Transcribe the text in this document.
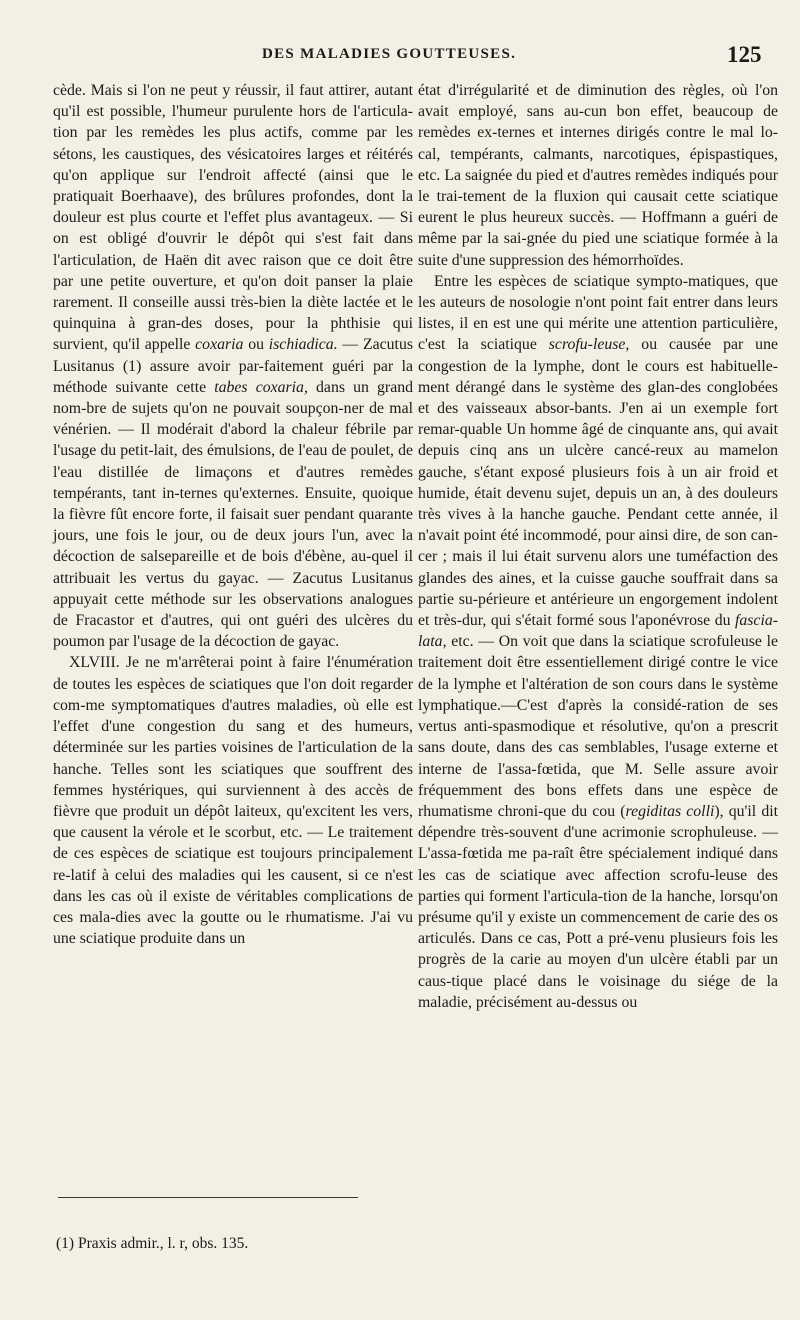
DES MALADIES GOUTTEUSES.	125

cède. Mais si l'on ne peut y réussir, il faut attirer, autant qu'il est possible, l'humeur purulente hors de l'articula-tion par les remèdes les plus actifs, comme par les sétons, les caustiques, des vésicatoires larges et réitérés qu'on applique sur l'endroit affecté (ainsi que le pratiquait Boerhaave), des brûlures profondes, dont la douleur est plus courte et l'effet plus avantageux. — Si on est obligé d'ouvrir le dépôt qui s'est fait dans l'articulation, de Haën dit avec raison que ce doit être par une petite ouverture, et qu'on doit panser la plaie rarement. Il conseille aussi très-bien la diète lactée et le quinquina à gran-des doses, pour la phthisie qui survient, qu'il appelle coxaria ou ischiadica. — Zacutus Lusitanus (1) assure avoir par-faitement guéri par la méthode suivante cette tabes coxaria, dans un grand nom-bre de sujets qu'on ne pouvait soupçon-ner de mal vénérien. — Il modérait d'abord la chaleur fébrile par l'usage du petit-lait, des émulsions, de l'eau de poulet, de l'eau distillée de limaçons et d'autres remèdes tempérants, tant in-ternes qu'externes. Ensuite, quoique la fièvre fût encore forte, il faisait suer pendant quarante jours, une fois le jour, ou de deux jours l'un, avec la décoction de salsepareille et de bois d'ébène, au-quel il attribuait les vertus du gayac. — Zacutus Lusitanus appuyait cette méthode sur les observations analogues de Fracastor et d'autres, qui ont guéri des ulcères du poumon par l'usage de la décoction de gayac.

XLVIII. Je ne m'arrêterai point à faire l'énumération de toutes les espèces de sciatiques que l'on doit regarder com-me symptomatiques d'autres maladies, où elle est l'effet d'une congestion du sang et des humeurs, déterminée sur les parties voisines de l'articulation de la hanche. Telles sont les sciatiques que souffrent des femmes hystériques, qui surviennent à des accès de fièvre que produit un dépôt laiteux, qu'excitent les vers, que causent la vérole et le scorbut, etc. — Le traitement de ces espèces de sciatique est toujours principalement re-latif à celui des maladies qui les causent, si ce n'est dans les cas où il existe de véritables complications de ces mala-dies avec la goutte ou le rhumatisme. J'ai vu une sciatique produite dans un

(1) Praxis admir., l. r, obs. 135.

état d'irrégularité et de diminution des règles, où l'on avait employé, sans au-cun bon effet, beaucoup de remèdes ex-ternes et internes dirigés contre le mal lo-cal, tempérants, calmants, narcotiques, épispastiques, etc. La saignée du pied et d'autres remèdes indiqués pour le trai-tement de la fluxion qui causait cette sciatique eurent le plus heureux succès. — Hoffmann a guéri de même par la sai-gnée du pied une sciatique formée à la suite d'une suppression des hémorrhoïdes.

Entre les espèces de sciatique sympto-matiques, que les auteurs de nosologie n'ont point fait entrer dans leurs listes, il en est une qui mérite une attention particulière, c'est la sciatique scrofu-leuse, ou causée par une congestion de la lymphe, dont le cours est habituelle-ment dérangé dans le système des glan-des conglobées et des vaisseaux absor-bants. J'en ai un exemple fort remar-quable Un homme âgé de cinquante ans, qui avait depuis cinq ans un ulcère cancé-reux au mamelon gauche, s'étant exposé plusieurs fois à un air froid et humide, était devenu sujet, depuis un an, à des douleurs très vives à la hanche gauche. Pendant cette année, il n'avait point été incommodé, pour ainsi dire, de son can-cer ; mais il lui était survenu alors une tuméfaction des glandes des aines, et la cuisse gauche souffrait dans sa partie su-périeure et antérieure un engorgement indolent et très-dur, qui s'était formé sous l'aponévrose du fascia-lata, etc. — On voit que dans la sciatique scrofuleuse le traitement doit être essentiellement dirigé contre le vice de la lymphe et l'altération de son cours dans le système lymphatique.—C'est d'après la considé-ration de ses vertus anti-spasmodique et résolutive, qu'on a prescrit sans doute, dans des cas semblables, l'usage externe et interne de l'assa-fœtida, que M. Selle assure avoir fréquemment des bons effets dans une espèce de rhumatisme chroni-que du cou (regiditas colli), qu'il dit dépendre très-souvent d'une acrimonie scrophuleuse. — L'assa-fœtida me pa-raît être spécialement indiqué dans les cas de sciatique avec affection scrofu-leuse des parties qui forment l'articula-tion de la hanche, lorsqu'on présume qu'il y existe un commencement de carie des os articulés. Dans ce cas, Pott a pré-venu plusieurs fois les progrès de la carie au moyen d'un ulcère établi par un caus-tique placé dans le voisinage du siége de la maladie, précisément au-dessus ou
